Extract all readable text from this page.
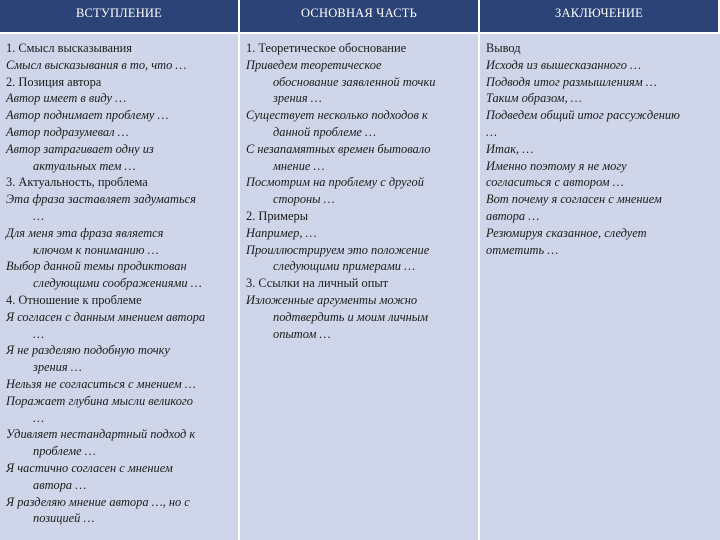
ВСТУПЛЕНИЕ	ОСНОВНАЯ ЧАСТЬ	ЗАКЛЮЧЕНИЕ
1. Смысл высказывания
Смысл высказывания в то, что …
2. Позиция автора
Автор имеет в виду …
Автор поднимает проблему …
Автор подразумевал …
Автор затрагивает одну из
актуальных тем …
3. Актуальность, проблема
Эта фраза заставляет задуматься
…
Для меня эта фраза является
ключом к пониманию …
Выбор данной темы продиктован
следующими соображениями …
4. Отношение к проблеме
Я согласен с данным мнением автора
…
Я не разделяю подобную точку
зрения …
Нельзя не согласиться с мнением …
Поражает глубина мысли великого
…
Удивляет нестандартный подход к
проблеме …
Я частично согласен с мнением
автора …
Я разделяю мнение автора …, но с
позицией …
1. Теоретическое обоснование
Приведем теоретическое
обоснование заявленной точки
зрения …
Существует несколько подходов к
данной проблеме …
С незапамятных времен бытовало
мнение …
Посмотрим на проблему с другой
стороны …
2. Примеры
Например, …
Проиллюстрируем это положение
следующими примерами …
3. Ссылки на личный опыт
Изложенные аргументы можно
подтвердить и моим личным
опытом …
Вывод
Исходя из вышесказанного …
Подводя итог размышлениям …
Таким образом, …
Подведем общий итог рассуждению
…
Итак, …
Именно поэтому я не могу
согласиться с автором …
Вот почему я согласен с мнением
автора …
Резюмируя сказанное, следует
отметить …
